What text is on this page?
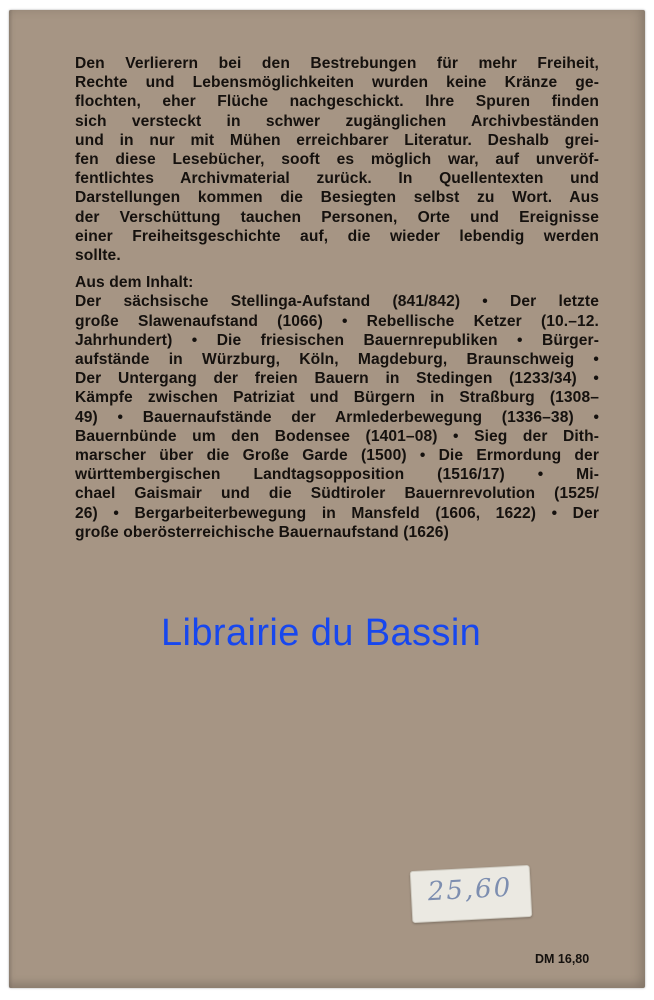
Den Verlierern bei den Bestrebungen für mehr Freiheit,
Rechte und Lebensmöglichkeiten wurden keine Kränze ge-
flochten, eher Flüche nachgeschickt. Ihre Spuren finden
sich versteckt in schwer zugänglichen Archivbeständen
und in nur mit Mühen erreichbarer Literatur. Deshalb grei-
fen diese Lesebücher, sooft es möglich war, auf unveröf-
fentlichtes Archivmaterial zurück. In Quellentexten und
Darstellungen kommen die Besiegten selbst zu Wort. Aus
der Verschüttung tauchen Personen, Orte und Ereignisse
einer Freiheitsgeschichte auf, die wieder lebendig werden
sollte.
Aus dem Inhalt:
Der sächsische Stellinga-Aufstand (841/842) • Der letzte
große Slawenaufstand (1066) • Rebellische Ketzer (10.–12.
Jahrhundert) • Die friesischen Bauernrepubliken • Bürger-
aufstände in Würzburg, Köln, Magdeburg, Braunschweig •
Der Untergang der freien Bauern in Stedingen (1233/34) •
Kämpfe zwischen Patriziat und Bürgern in Straßburg (1308–
49) • Bauernaufstände der Armlederbewegung (1336–38) •
Bauernbünde um den Bodensee (1401–08) • Sieg der Dith-
marscher über die Große Garde (1500) • Die Ermordung der
württembergischen Landtagsopposition (1516/17) • Mi-
chael Gaismair und die Südtiroler Bauernrevolution (1525/
26) • Bergarbeiterbewegung in Mansfeld (1606, 1622) • Der
große oberösterreichische Bauernaufstand (1626)
25,60
DM 16,80
Librairie du Bassin
